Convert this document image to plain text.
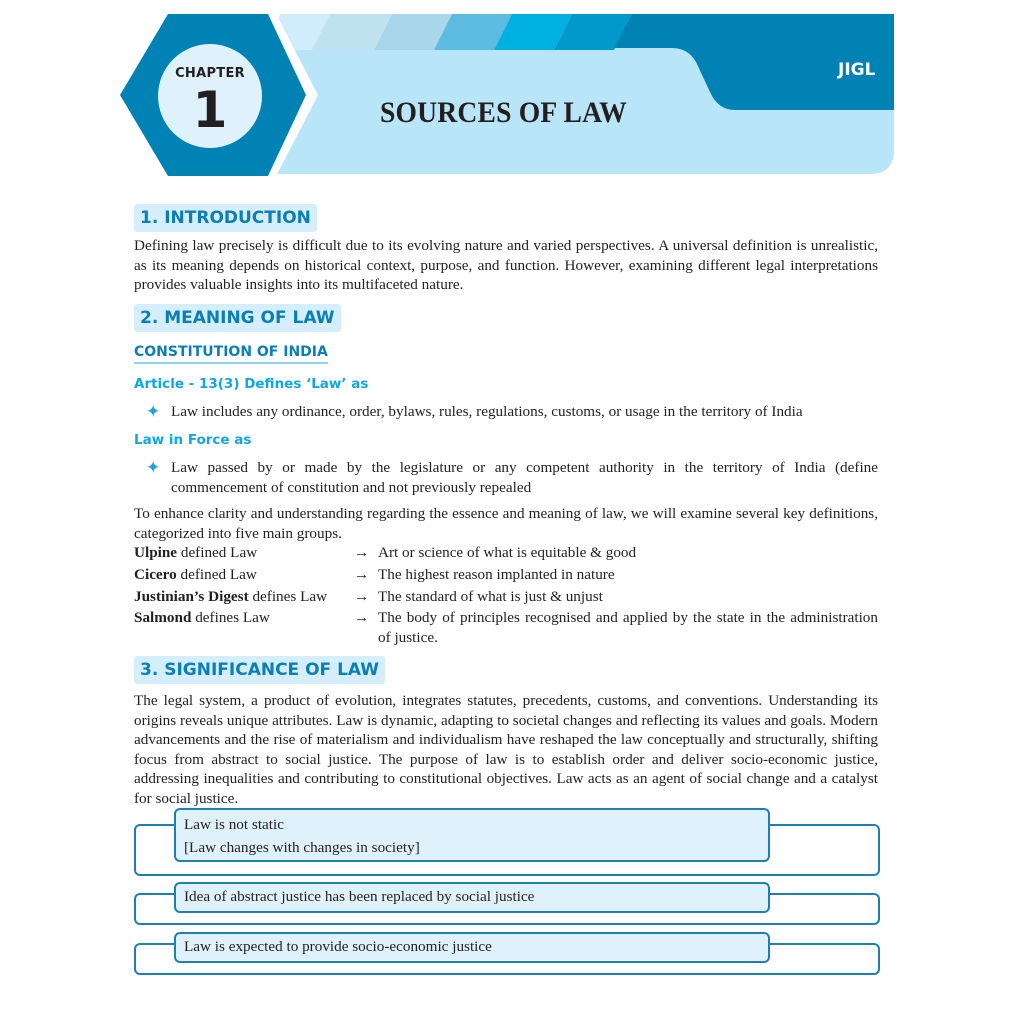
CHAPTER
1	SOURCES OF LAW
JIGL
1. INTRODUCTION
Defining law precisely is difficult due to its evolving nature and varied perspectives. A universal definition is unrealistic, as its meaning depends on historical context, purpose, and function. However, examining different legal interpretations provides valuable insights into its multifaceted nature.
2. MEANING OF LAW
CONSTITUTION OF INDIA
Article - 13(3) Defines ‘Law’ as
✦ Law includes any ordinance, order, bylaws, rules, regulations, customs, or usage in the territory of India
Law in Force as
✦ Law passed by or made by the legislature or any competent authority in the territory of India (define commencement of constitution and not previously repealed
To enhance clarity and understanding regarding the essence and meaning of law, we will examine several key definitions, categorized into five main groups.
Ulpine defined Law	→ Art or science of what is equitable & good
Cicero defined Law	→ The highest reason implanted in nature
Justinian’s Digest defines Law → The standard of what is just & unjust
Salmond defines Law	→ The body of principles recognised and applied by the state in the administration of justice.
3. SIGNIFICANCE OF LAW
The legal system, a product of evolution, integrates statutes, precedents, customs, and conventions. Understanding its origins reveals unique attributes. Law is dynamic, adapting to societal changes and reflecting its values and goals. Modern advancements and the rise of materialism and individualism have reshaped the law conceptually and structurally, shifting focus from abstract to social justice. The purpose of law is to establish order and deliver socio-economic justice, addressing inequalities and contributing to constitutional objectives. Law acts as an agent of social change and a catalyst for social justice.
Law is not static
[Law changes with changes in society]
Idea of abstract justice has been replaced by social justice
Law is expected to provide socio-economic justice
